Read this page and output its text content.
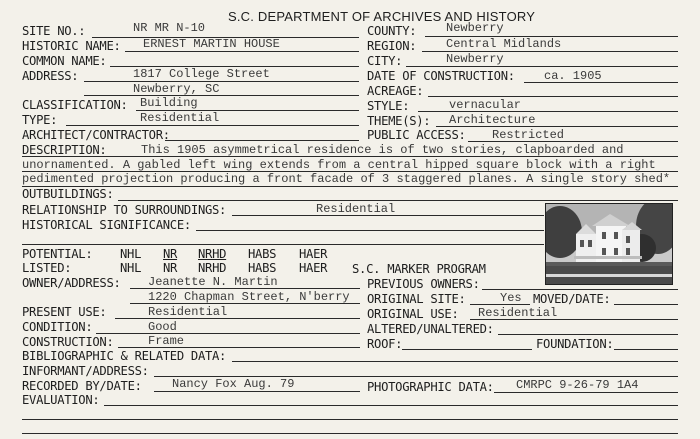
S.C. DEPARTMENT OF ARCHIVES AND HISTORY
SITE NO.:	NR MR N-10
HISTORIC NAME: ERNEST MARTIN HOUSE
COMMON NAME:
ADDRESS:	1817 College Street
Newberry, SC
CLASSIFICATION: Building
TYPE:	Residential
ARCHITECT/CONTRACTOR:
COUNTY: Newberry
REGION: Central Midlands
CITY:	Newberry
DATE OF CONSTRUCTION: ca. 1905
ACREAGE:
STYLE:	vernacular
THEME(S): Architecture
PUBLIC ACCESS: Restricted
DESCRIPTION:	This 1905 asymmetrical residence is of two stories, clapboarded and
unornamented. A gabled left wing extends from a central hipped square block with a right
pedimented projection producing a front facade of 3 staggered planes. A single story shed*
OUTBUILDINGS:
RELATIONSHIP TO SURROUNDINGS:	Residential
HISTORICAL SIGNIFICANCE:
POTENTIAL: NHL NR NRHD HABS HAER
LISTED:	NHL NR NRHD HABS HAER S.C. MARKER PROGRAM
OWNER/ADDRESS: Jeanette N. Martin
1220 Chapman Street, N'berry
PREVIOUS OWNERS:
ORIGINAL SITE:	Yes MOVED/DATE:
PRESENT USE:	Residential	ORIGINAL USE: Residential
CONDITION:	Good	ALTERED/UNALTERED:
CONSTRUCTION:	Frame	ROOF:	FOUNDATION:
BIBLIOGRAPHIC & RELATED DATA:
INFORMANT/ADDRESS:
RECORDED BY/DATE:	Nancy Fox Aug. 79	PHOTOGRAPHIC DATA: CMRPC 9-26-79 1A4
EVALUATION:
